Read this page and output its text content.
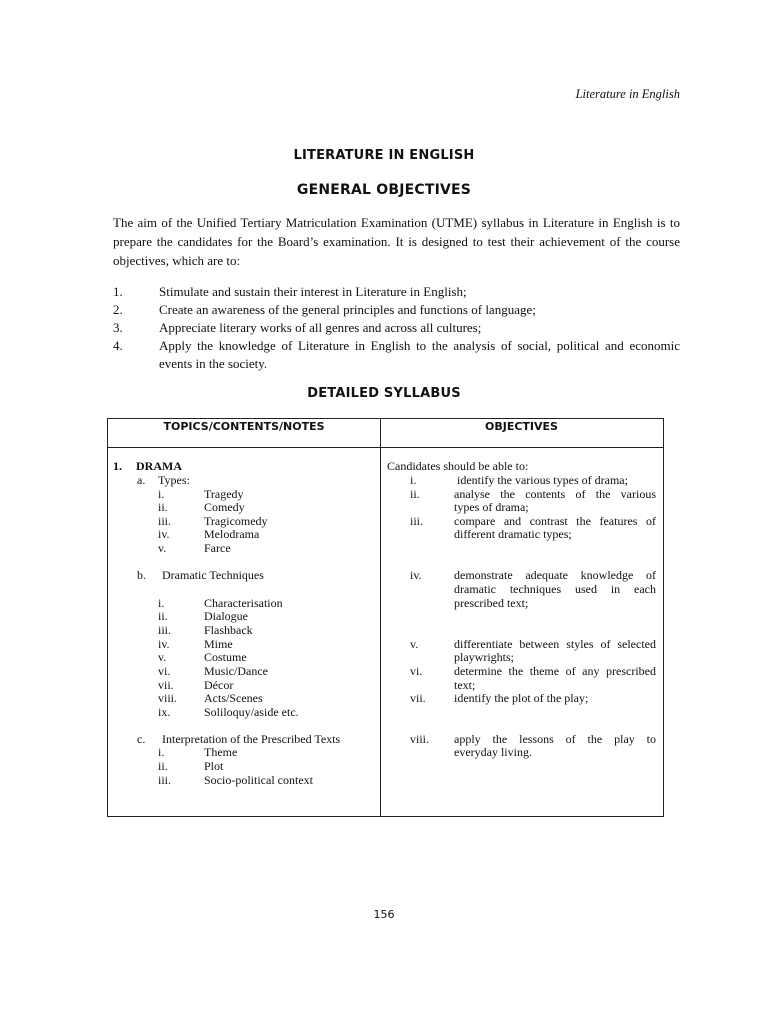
Literature in English
LITERATURE IN ENGLISH
GENERAL OBJECTIVES
The aim of the Unified Tertiary Matriculation Examination (UTME) syllabus in Literature in English is to prepare the candidates for the Board’s examination. It is designed to test their achievement of the course objectives, which are to:
1.	Stimulate and sustain their interest in Literature in English;
2.	Create an awareness of the general principles and functions of language;
3.	Appreciate literary works of all genres and across all cultures;
4.	Apply the knowledge of Literature in English to the analysis of social, political and economic events in the society.
DETAILED SYLLABUS
TOPICS/CONTENTS/NOTES	OBJECTIVES
1. DRAMA
a. Types:
i.	Tragedy
ii.	Comedy
iii.	Tragicomedy
iv.	Melodrama
v.	Farce
b. Dramatic Techniques
i.	Characterisation
ii.	Dialogue
iii.	Flashback
iv.	Mime
v.	Costume
vi.	Music/Dance
vii.	Décor
viii. Acts/Scenes
ix.	Soliloquy/aside etc.
c. Interpretation of the Prescribed Texts
i.	Theme
ii.	Plot
iii.	Socio-political context
Candidates should be able to:
i.	identify the various types of drama;
ii.	analyse the contents of the various
types of drama;
iii.	compare and contrast the features of
different dramatic types;
iv.	demonstrate adequate knowledge of
dramatic techniques used in each
prescribed text;
v.	differentiate between styles of selected
playwrights;
vi.	determine the theme of any prescribed
text;
vii. identify the plot of the play;
viii. apply the lessons of the play to
everyday living.
156
